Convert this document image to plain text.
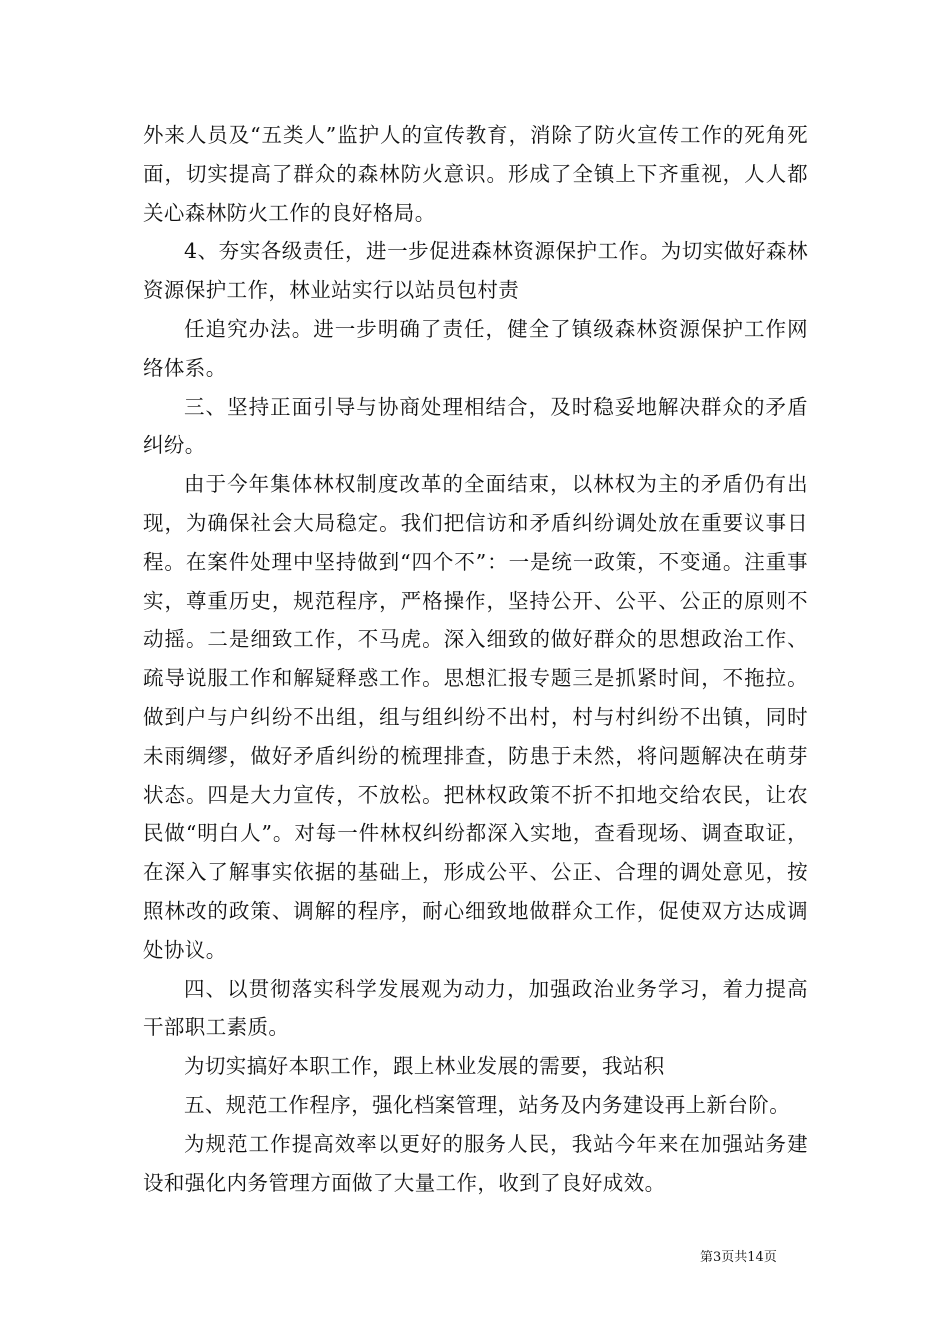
外来人员及“五类人”监护人的宣传教育，消除了防火宣传工作的死角死面，切实提高了群众的森林防火意识。形成了全镇上下齐重视，人人都关心森林防火工作的良好格局。

4、夯实各级责任，进一步促进森林资源保护工作。为切实做好森林资源保护工作，林业站实行以站员包村责

任追究办法。进一步明确了责任，健全了镇级森林资源保护工作网络体系。

三、坚持正面引导与协商处理相结合，及时稳妥地解决群众的矛盾纠纷。

由于今年集体林权制度改革的全面结束，以林权为主的矛盾仍有出现，为确保社会大局稳定。我们把信访和矛盾纠纷调处放在重要议事日程。在案件处理中坚持做到“四个不”：一是统一政策，不变通。注重事实，尊重历史，规范程序，严格操作，坚持公开、公平、公正的原则不动摇。二是细致工作，不马虎。深入细致的做好群众的思想政治工作、疏导说服工作和解疑释惑工作。思想汇报专题三是抓紧时间，不拖拉。做到户与户纠纷不出组，组与组纠纷不出村，村与村纠纷不出镇，同时未雨绸缪，做好矛盾纠纷的梳理排查，防患于未然，将问题解决在萌芽状态。四是大力宣传，不放松。把林权政策不折不扣地交给农民，让农民做“明白人”。对每一件林权纠纷都深入实地，查看现场、调查取证，在深入了解事实依据的基础上，形成公平、公正、合理的调处意见，按照林改的政策、调解的程序，耐心细致地做群众工作，促使双方达成调处协议。

四、以贯彻落实科学发展观为动力，加强政治业务学习，着力提高干部职工素质。

为切实搞好本职工作，跟上林业发展的需要，我站积

五、规范工作程序，强化档案管理，站务及内务建设再上新台阶。

为规范工作提高效率以更好的服务人民，我站今年来在加强站务建设和强化内务管理方面做了大量工作，收到了良好成效。

第3页共14页
